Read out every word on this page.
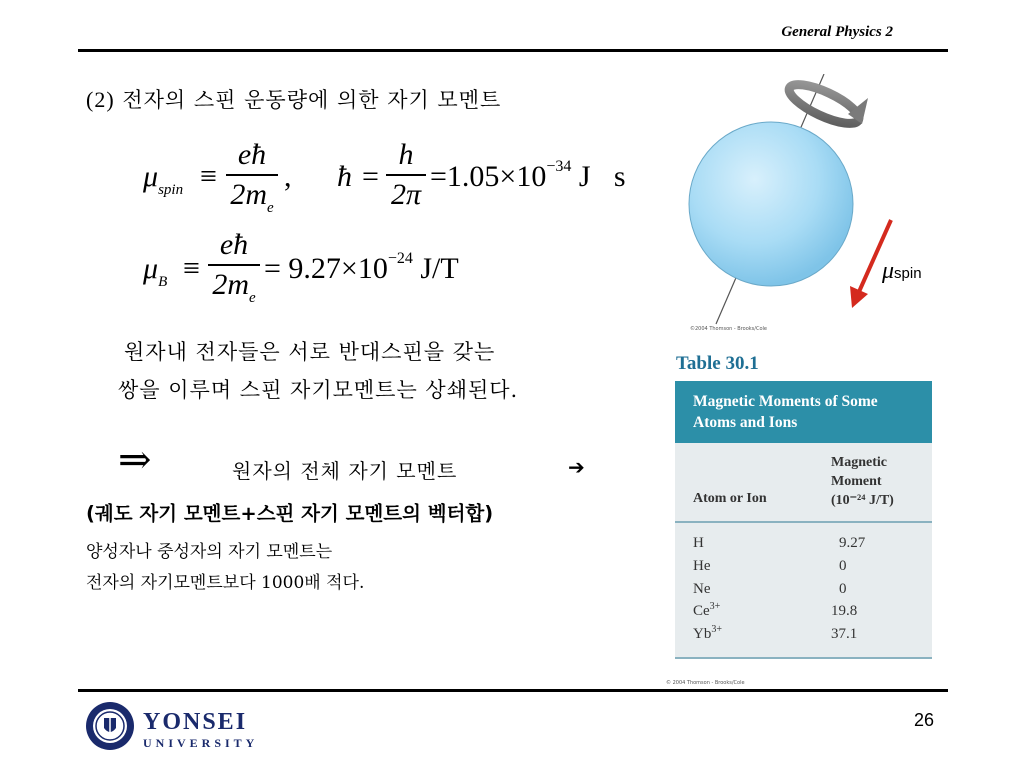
General Physics 2
(2) 전자의 스핀 운동량에 의한 자기 모멘트
$\mu_{spin}$ ≡
eħ
$2m_e$
, ħ =
h
2π
$=1.05\times 10^{-34}$ J⃞s
$\mu_B$ ≡
eħ
$2m_e$
= $9.27\times 10^{-24}$ J/T
원자내 전자들은 서로 반대스핀을 갖는
쌍을 이루며 스핀 자기모멘트는 상쇄된다.
⇒	원자의 전체 자기 모멘트	➔
(궤도 자기 모멘트+스핀 자기 모멘트의 벡터합)
양성자나 중성자의 자기 모멘트는
전자의 자기모멘트보다 1000배 적다.
μspin
©2004 Thomson - Brooks/Cole
Table 30.1
Magnetic Moments of Some Atoms and Ions
Atom or Ion
Magnetic
Moment
(10⁻²⁴ J/T)
H	9.27
He	0
Ne	0
$Ce^{3+}$	19.8
$Yb^{3+}$	37.1
© 2004 Thomson - Brooks/Cole
YONSEI
UNIVERSITY
26
